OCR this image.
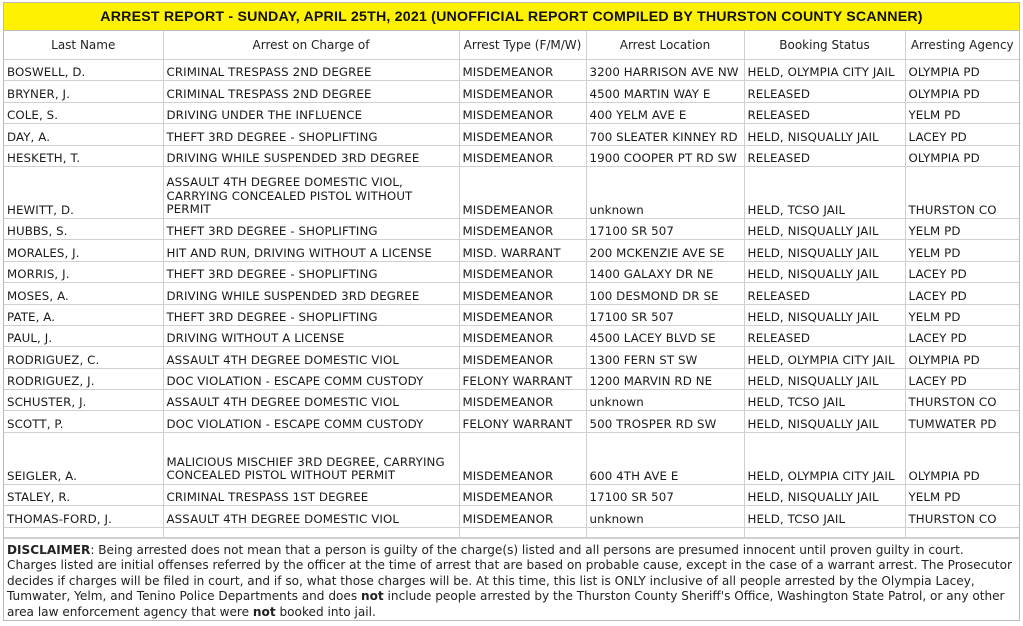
ARREST REPORT - SUNDAY, APRIL 25TH, 2021 (UNOFFICIAL REPORT COMPILED BY THURSTON COUNTY SCANNER)
Last Name	Arrest on Charge of	Arrest Type (F/M/W)	Arrest Location	Booking Status	Arresting Agency
BOSWELL, D.	CRIMINAL TRESPASS 2ND DEGREE	MISDEMEANOR	3200 HARRISON AVE NW	HELD, OLYMPIA CITY JAIL	OLYMPIA PD
BRYNER, J.	CRIMINAL TRESPASS 2ND DEGREE	MISDEMEANOR	4500 MARTIN WAY E	RELEASED	OLYMPIA PD
COLE, S.	DRIVING UNDER THE INFLUENCE	MISDEMEANOR	400 YELM AVE E	RELEASED	YELM PD
DAY, A.	THEFT 3RD DEGREE - SHOPLIFTING	MISDEMEANOR	700 SLEATER KINNEY RD	HELD, NISQUALLY JAIL	LACEY PD
HESKETH, T.	DRIVING WHILE SUSPENDED 3RD DEGREE	MISDEMEANOR	1900 COOPER PT RD SW	RELEASED	OLYMPIA PD
HEWITT, D.	ASSAULT 4TH DEGREE DOMESTIC VIOL, CARRYING CONCEALED PISTOL WITHOUT PERMIT	MISDEMEANOR	unknown	HELD, TCSO JAIL	THURSTON CO
HUBBS, S.	THEFT 3RD DEGREE - SHOPLIFTING	MISDEMEANOR	17100 SR 507	HELD, NISQUALLY JAIL	YELM PD
MORALES, J.	HIT AND RUN, DRIVING WITHOUT A LICENSE	MISD. WARRANT	200 MCKENZIE AVE SE	HELD, NISQUALLY JAIL	YELM PD
MORRIS, J.	THEFT 3RD DEGREE - SHOPLIFTING	MISDEMEANOR	1400 GALAXY DR NE	HELD, NISQUALLY JAIL	LACEY PD
MOSES, A.	DRIVING WHILE SUSPENDED 3RD DEGREE	MISDEMEANOR	100 DESMOND DR SE	RELEASED	LACEY PD
PATE, A.	THEFT 3RD DEGREE - SHOPLIFTING	MISDEMEANOR	17100 SR 507	HELD, NISQUALLY JAIL	YELM PD
PAUL, J.	DRIVING WITHOUT A LICENSE	MISDEMEANOR	4500 LACEY BLVD SE	RELEASED	LACEY PD
RODRIGUEZ, C.	ASSAULT 4TH DEGREE DOMESTIC VIOL	MISDEMEANOR	1300 FERN ST SW	HELD, OLYMPIA CITY JAIL	OLYMPIA PD
RODRIGUEZ, J.	DOC VIOLATION - ESCAPE COMM CUSTODY	FELONY WARRANT	1200 MARVIN RD NE	HELD, NISQUALLY JAIL	LACEY PD
SCHUSTER, J.	ASSAULT 4TH DEGREE DOMESTIC VIOL	MISDEMEANOR	unknown	HELD, TCSO JAIL	THURSTON CO
SCOTT, P.	DOC VIOLATION - ESCAPE COMM CUSTODY	FELONY WARRANT	500 TROSPER RD SW	HELD, NISQUALLY JAIL	TUMWATER PD
SEIGLER, A.	MALICIOUS MISCHIEF 3RD DEGREE, CARRYING CONCEALED PISTOL WITHOUT PERMIT	MISDEMEANOR	600 4TH AVE E	HELD, OLYMPIA CITY JAIL	OLYMPIA PD
STALEY, R.	CRIMINAL TRESPASS 1ST DEGREE	MISDEMEANOR	17100 SR 507	HELD, NISQUALLY JAIL	YELM PD
THOMAS-FORD, J.	ASSAULT 4TH DEGREE DOMESTIC VIOL	MISDEMEANOR	unknown	HELD, TCSO JAIL	THURSTON CO

DISCLAIMER: Being arrested does not mean that a person is guilty of the charge(s) listed and all persons are presumed innocent until proven guilty in court. Charges listed are initial offenses referred by the officer at the time of arrest that are based on probable cause, except in the case of a warrant arrest. The Prosecutor decides if charges will be filed in court, and if so, what those charges will be. At this time, this list is ONLY inclusive of all people arrested by the Olympia Lacey, Tumwater, Yelm, and Tenino Police Departments and does not include people arrested by the Thurston County Sheriff's Office, Washington State Patrol, or any other area law enforcement agency that were not booked into jail.
